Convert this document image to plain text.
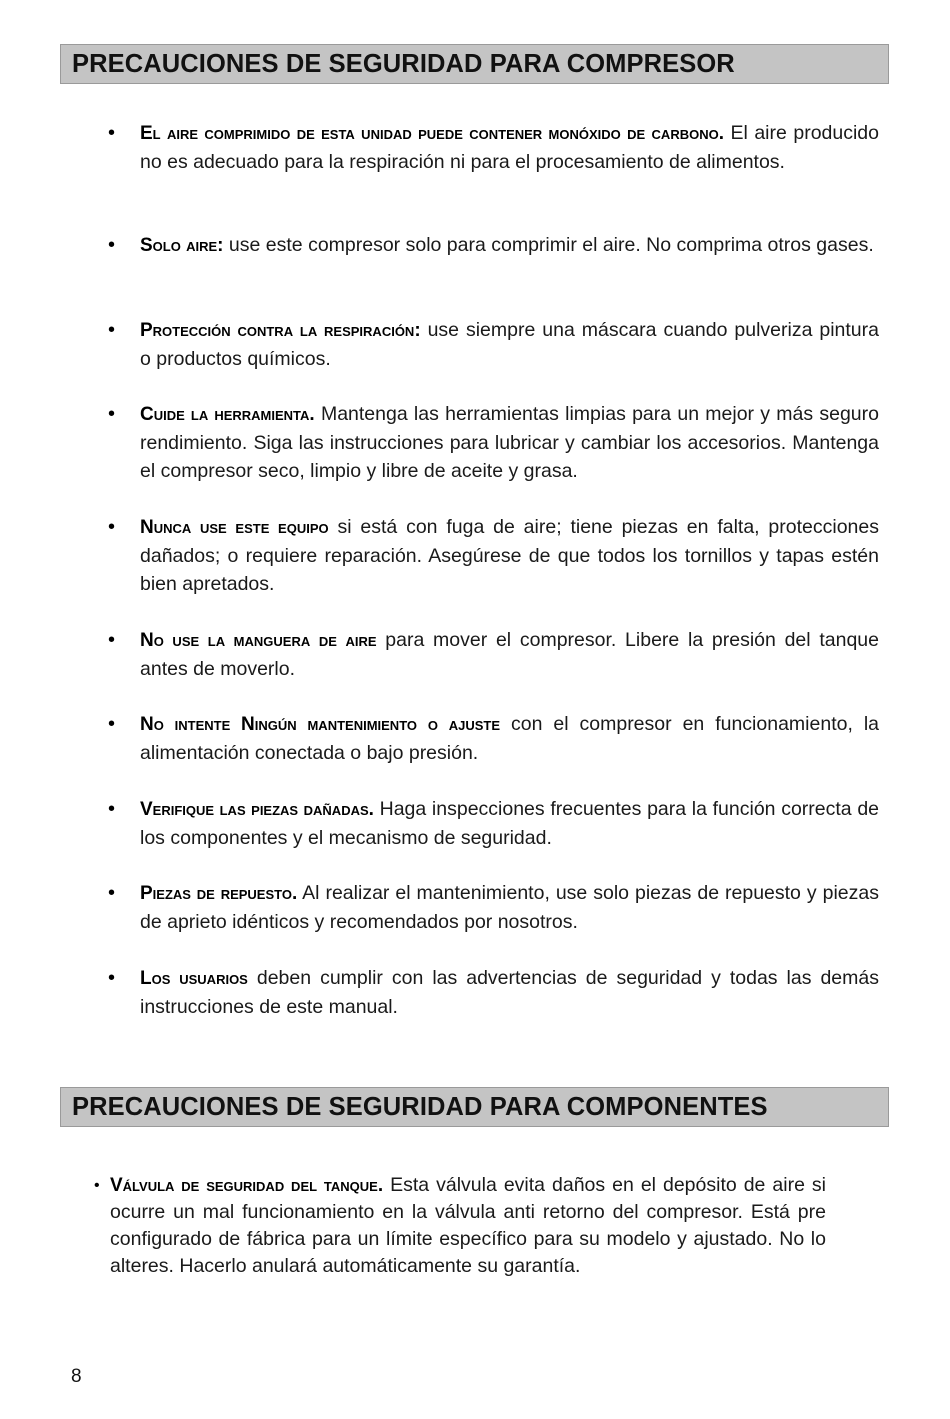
PRECAUCIONES DE SEGURIDAD PARA COMPRESOR
• El aire comprimido de esta unidad puede contener monóxido de carbono. El aire producido no es adecuado para la respiración ni para el procesamiento de alimentos.
• Solo aire: use este compresor solo para comprimir el aire. No comprima otros gases.
• Protección contra la respiración: use siempre una máscara cuando pulveriza pintura o productos químicos.
• Cuide la herramienta. Mantenga las herramientas limpias para un mejor y más seguro rendimiento. Siga las instrucciones para lubricar y cambiar los accesorios. Mantenga el compresor seco, limpio y libre de aceite y grasa.
• Nunca use este equipo si está con fuga de aire; tiene piezas en falta, protecciones dañados; o requiere reparación. Asegúrese de que todos los tornillos y tapas estén bien apretados.
• No use la manguera de aire para mover el compresor. Libere la presión del tanque antes de moverlo.
• No intente Ningún mantenimiento o ajuste con el compresor en funcionamiento, la alimentación conectada o bajo presión.
• Verifique las piezas dañadas. Haga inspecciones frecuentes para la función correcta de los componentes y el mecanismo de seguridad.
• Piezas de repuesto. Al realizar el mantenimiento, use solo piezas de repuesto y piezas de aprieto idénticos y recomendados por nosotros.
• Los usuarios deben cumplir con las advertencias de seguridad y todas las demás instrucciones de este manual.
PRECAUCIONES DE SEGURIDAD PARA COMPONENTES
• Válvula de seguridad del tanque. Esta válvula evita daños en el depósito de aire si ocurre un mal funcionamiento en la válvula anti retorno del compresor. Está pre configurado de fábrica para un límite específico para su modelo y ajustado. No lo alteres. Hacerlo anulará automáticamente su garantía.
8
